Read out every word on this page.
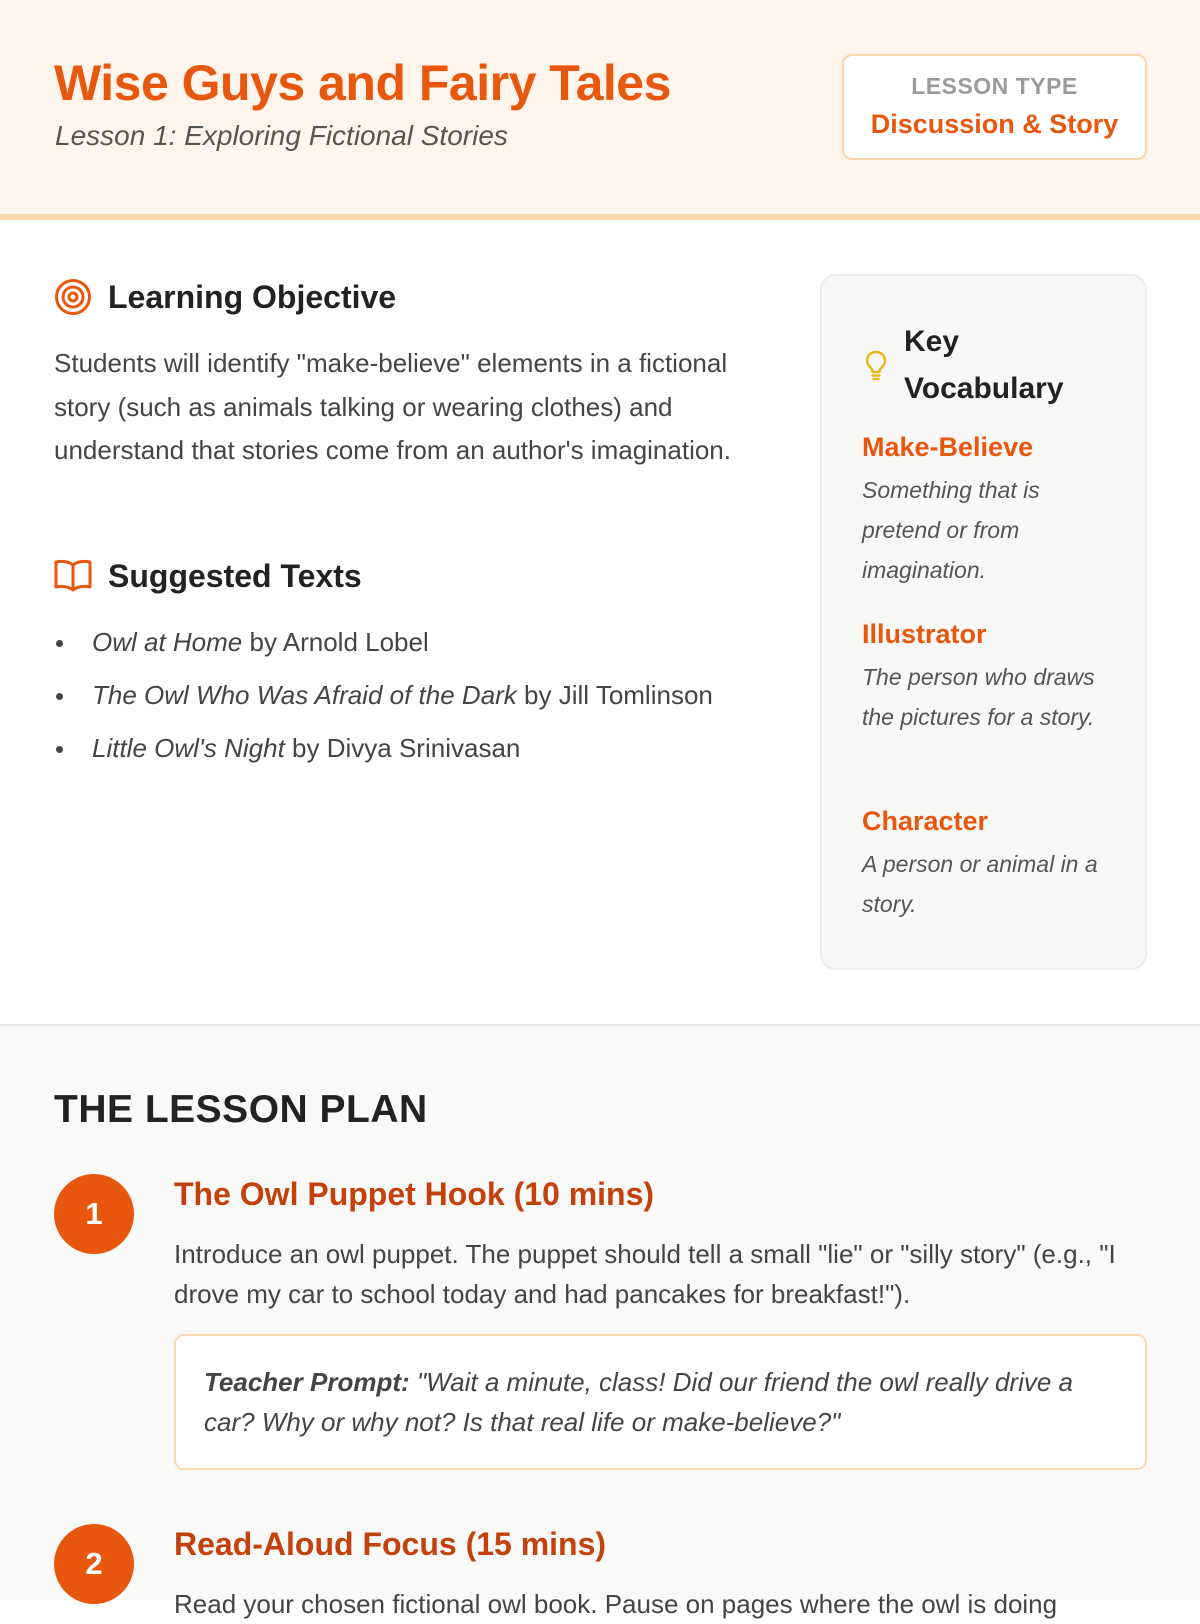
Wise Guys and Fairy Tales
Lesson 1: Exploring Fictional Stories
LESSON TYPE
Discussion & Story
Learning Objective
Students will identify "make-believe" elements in a fictional story (such as animals talking or wearing clothes) and understand that stories come from an author's imagination.
Suggested Texts
Owl at Home by Arnold Lobel
The Owl Who Was Afraid of the Dark by Jill Tomlinson
Little Owl's Night by Divya Srinivasan
Key Vocabulary
Make-Believe
Something that is pretend or from imagination.
Illustrator
The person who draws the pictures for a story.
Character
A person or animal in a story.
THE LESSON PLAN
1
The Owl Puppet Hook (10 mins)
Introduce an owl puppet. The puppet should tell a small "lie" or "silly story" (e.g., "I drove my car to school today and had pancakes for breakfast!").
Teacher Prompt: "Wait a minute, class! Did our friend the owl really drive a car? Why or why not? Is that real life or make-believe?"
2
Read-Aloud Focus (15 mins)
Read your chosen fictional owl book. Pause on pages where the owl is doing
